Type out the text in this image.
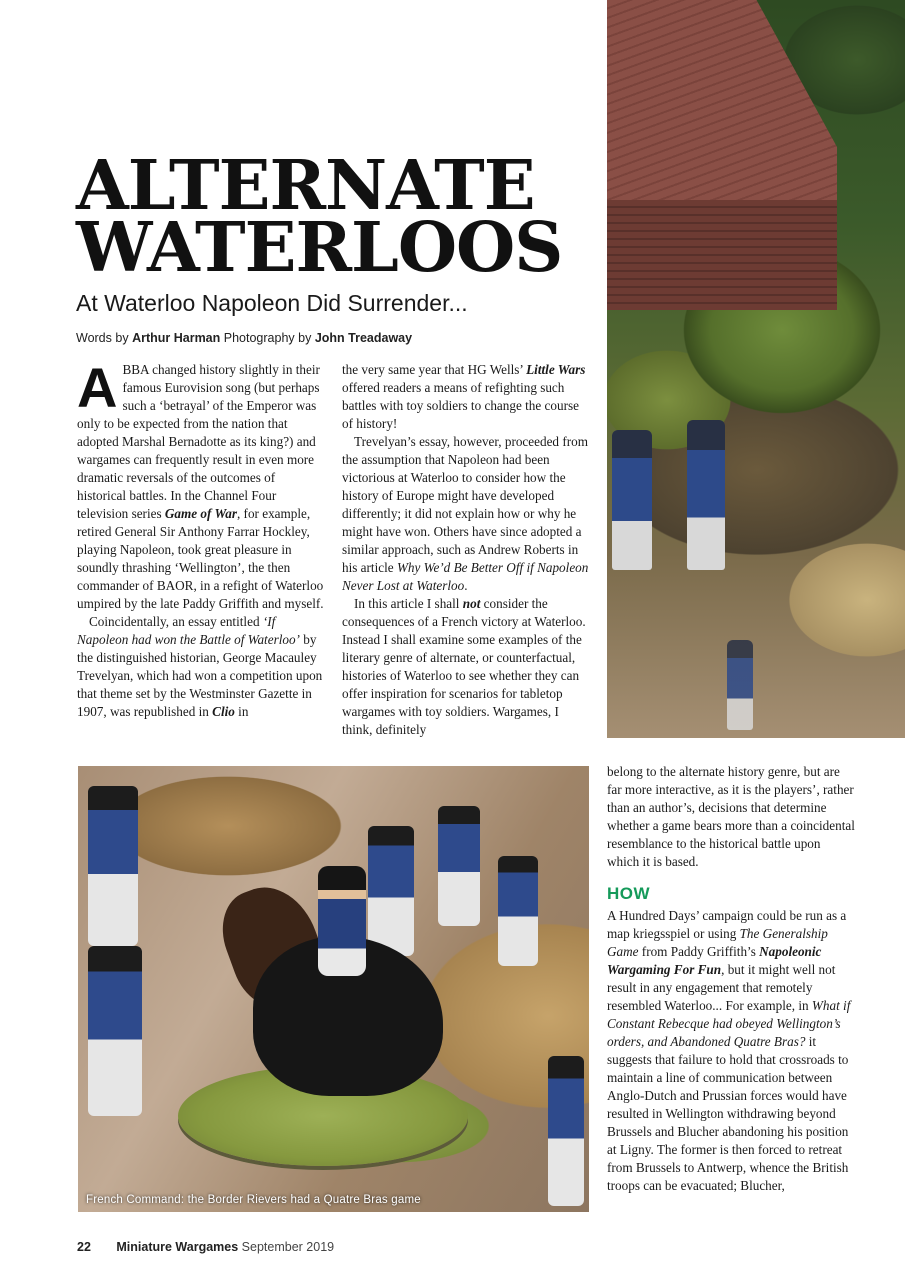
ALTERNATE
WATERLOOS
At Waterloo Napoleon Did Surrender...
Words by Arthur Harman Photography by John Treadaway

ABBA changed history slightly in their famous Eurovision song (but perhaps such a ‘betrayal’ of the Emperor was only to be expected from the nation that adopted Marshal Bernadotte as its king?) and wargames can frequently result in even more dramatic reversals of the outcomes of historical battles. In the Channel Four television series Game of War, for example, retired General Sir Anthony Farrar Hockley, playing Napoleon, took great pleasure in soundly thrashing ‘Wellington’, the then commander of BAOR, in a refight of Waterloo umpired by the late Paddy Griffith and myself.

Coincidentally, an essay entitled ‘If Napoleon had won the Battle of Waterloo’ by the distinguished historian, George Macauley Trevelyan, which had won a competition upon that theme set by the Westminster Gazette in 1907, was republished in Clio in

the very same year that HG Wells’ Little Wars offered readers a means of refighting such battles with toy soldiers to change the course of history!

Trevelyan’s essay, however, proceeded from the assumption that Napoleon had been victorious at Waterloo to consider how the history of Europe might have developed differently; it did not explain how or why he might have won. Others have since adopted a similar approach, such as Andrew Roberts in his article Why We’d Be Better Off if Napoleon Never Lost at Waterloo.

In this article I shall not consider the consequences of a French victory at Waterloo. Instead I shall examine some examples of the literary genre of alternate, or counterfactual, histories of Waterloo to see whether they can offer inspiration for scenarios for tabletop wargames with toy soldiers. Wargames, I think, definitely

French Command: the Border Rievers had a Quatre Bras game

belong to the alternate history genre, but are far more interactive, as it is the players’, rather than an author’s, decisions that determine whether a game bears more than a coincidental resemblance to the historical battle upon which it is based.

HOW

A Hundred Days’ campaign could be run as a map kriegsspiel or using The Generalship Game from Paddy Griffith’s Napoleonic Wargaming For Fun, but it might well not result in any engagement that remotely resembled Waterloo... For example, in What if Constant Rebecque had obeyed Wellington’s orders, and Abandoned Quatre Bras? it suggests that failure to hold that crossroads to maintain a line of communication between Anglo-Dutch and Prussian forces would have resulted in Wellington withdrawing beyond Brussels and Blucher abandoning his position at Ligny. The former is then forced to retreat from Brussels to Antwerp, whence the British troops can be evacuated; Blucher,

22 Miniature Wargames September 2019
